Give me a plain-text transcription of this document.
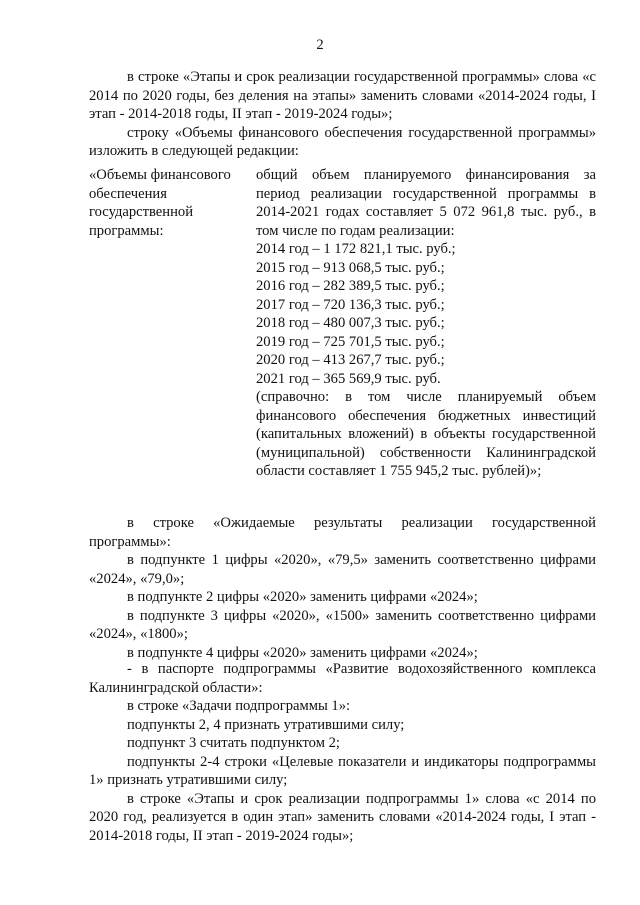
2

в строке «Этапы и срок реализации государственной программы» слова «с 2014 по 2020 годы, без деления на этапы» заменить словами «2014-2024 годы, I этап - 2014-2018 годы, II этап - 2019-2024 годы»;

строку «Объемы финансового обеспечения государственной программы» изложить в следующей редакции:

«Объемы финансового обеспечения государственной программы:

общий объем планируемого финансирования за период реализации государственной программы в 2014-2021 годах составляет 5 072 961,8 тыс. руб., в том числе по годам реализации:

2014 год – 1 172 821,1 тыс. руб.;
2015 год – 913 068,5 тыс. руб.;
2016 год – 282 389,5 тыс. руб.;
2017 год – 720 136,3 тыс. руб.;
2018 год – 480 007,3 тыс. руб.;
2019 год – 725 701,5 тыс. руб.;
2020 год – 413 267,7 тыс. руб.;
2021 год – 365 569,9 тыс. руб.

(справочно: в том числе планируемый объем финансового обеспечения бюджетных инвестиций (капитальных вложений) в объекты государственной (муниципальной) собственности Калининградской области составляет 1 755 945,2 тыс. рублей)»;

в строке «Ожидаемые результаты реализации государственной программы»:

в подпункте 1 цифры «2020», «79,5» заменить соответственно цифрами «2024», «79,0»;

в подпункте 2 цифры «2020» заменить цифрами «2024»;

в подпункте 3 цифры «2020», «1500» заменить соответственно цифрами «2024», «1800»;

в подпункте 4 цифры «2020» заменить цифрами «2024»;

- в паспорте подпрограммы «Развитие водохозяйственного комплекса Калининградской области»:

в строке «Задачи подпрограммы 1»:

подпункты 2, 4 признать утратившими силу;

подпункт 3 считать подпунктом 2;

подпункты 2-4 строки «Целевые показатели и индикаторы подпрограммы 1» признать утратившими силу;

в строке «Этапы и срок реализации подпрограммы 1» слова «с 2014 по 2020 год, реализуется в один этап» заменить словами «2014-2024 годы, I этап - 2014-2018 годы, II этап - 2019-2024 годы»;
